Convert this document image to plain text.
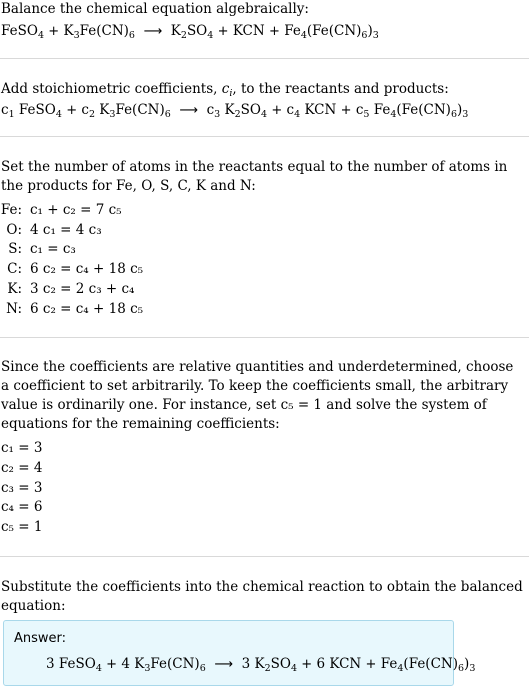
Balance the chemical equation algebraically:
FeSO$_4$ + $K_3Fe(CN)_6$ ⟶ $K_2SO_4$ + KCN + $Fe_4(Fe(CN)_6)_3$
Add stoichiometric coefficients, $c_i$, to the reactants and products:
$c_1$ FeSO$_4$ + $c_2$ $K_3Fe(CN)_6$ ⟶ $c_3$ $K_2SO_4 + c_4$ KCN + $c_5$ $Fe_4(Fe(CN)_6)_3$
Set the number of atoms in the reactants equal to the number of atoms in the products for Fe, O, S, C, K and N:
Fe: c₁ + c₂ = 7 c₅
O: 4 c₁ = 4 c₃
S: c₁ = c₃
C: 6 c₂ = c₄ + 18 c₅
K: 3 c₂ = 2 c₃ + c₄
N: 6 c₂ = c₄ + 18 c₅
Since the coefficients are relative quantities and underdetermined, choose a coefficient to set arbitrarily. To keep the coefficients small, the arbitrary value is ordinarily one. For instance, set c₅ = 1 and solve the system of equations for the remaining coefficients:
c₁ = 3
c₂ = 4
c₃ = 3
c₄ = 6
c₅ = 1
Substitute the coefficients into the chemical reaction to obtain the balanced equation:
Answer:
3 FeSO$_4$ + 4 $K_3Fe(CN)_6$ ⟶ 3 $K_2SO_4 + 6$ KCN + $Fe_4(Fe(CN)_6)_3$
